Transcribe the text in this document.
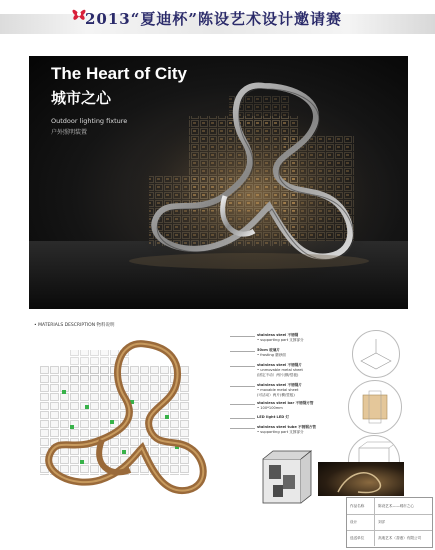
2013“夏迪杯”陈设艺术设计邀请赛
The Heart of City
城市之心
Outdoor lighting fixture
户外照明装置
• MATERIALS DESCRIPTION 物料说明
stainless steel 不锈钢
• supporting part 支撑部分
50cm 玻璃片
• frosting 磨砂面
stainless steel 不锈钢片
• unmovable metal sheet
(固定不动）两片(横/竖板)
stainless steel 不锈钢片
• movable metal sheet
(可活动）两片(横/竖板)
stainless steel bar 不锈钢方管
• 100*100mm
LED light LED 灯
stainless steel tube 不锈钢方管
• supporting part 支撑部分
作品名称	陈设艺术——城市之心
设计	刘洋
选送单位	高迪艺术（香港）有限公司
